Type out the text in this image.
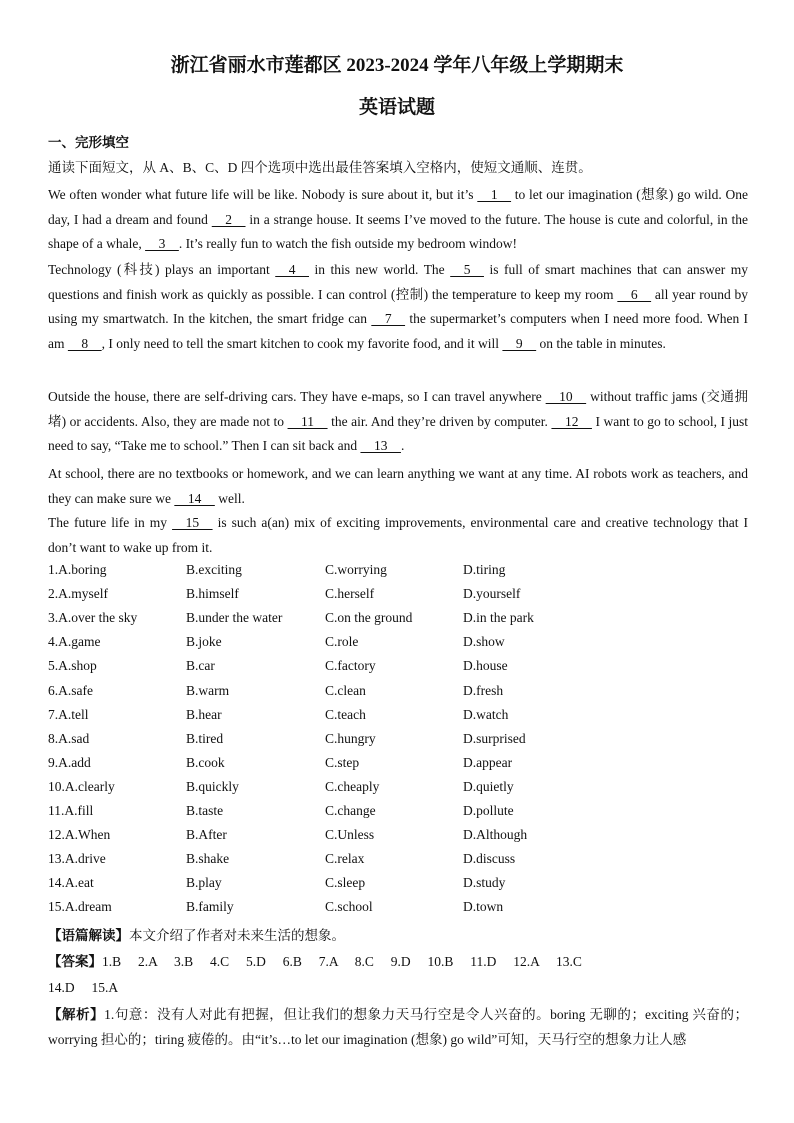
浙江省丽水市莲都区 2023-2024 学年八年级上学期期末
英语试题
一、完形填空
通读下面短文，从 A、B、C、D 四个选项中选出最佳答案填入空格内，使短文通顺、连贯。
We often wonder what future life will be like. Nobody is sure about it, but it’s     1     to let our imagination (想象) go wild. One day, I had a dream and found     2     in a strange house. It seems I’ve moved to the future. The house is cute and colorful, in the shape of a whale,     3    . It’s really fun to watch the fish outside my bedroom window!
Technology (科技) plays an important     4     in this new world. The     5     is full of smart machines that can answer my questions and finish work as quickly as possible. I can control (控制) the temperature to keep my room     6     all year round by using my smartwatch. In the kitchen, the smart fridge can     7     the supermarket’s computers when I need more food. When I am     8    , I only need to tell the smart kitchen to cook my favorite food, and it will     9     on the table in minutes.
Outside the house, there are self-driving cars. They have e-maps, so I can travel anywhere     10     without traffic jams (交通拥堵) or accidents. Also, they are made not to     11     the air. And they’re driven by computer.     12     I want to go to school, I just need to say, “Take me to school.” Then I can sit back and     13    .
At school, there are no textbooks or homework, and we can learn anything we want at any time. AI robots work as teachers, and they can make sure we     14     well.
The future life in my     15     is such a(an) mix of exciting improvements, environmental care and creative technology that I don’t want to wake up from it.
1.A.boring	B.exciting	C.worrying	D.tiring
2.A.myself	B.himself	C.herself	D.yourself
3.A.over the sky	B.under the water	C.on the ground	D.in the park
4.A.game	B.joke	C.role	D.show
5.A.shop	B.car	C.factory	D.house
6.A.safe	B.warm	C.clean	D.fresh
7.A.tell	B.hear	C.teach	D.watch
8.A.sad	B.tired	C.hungry	D.surprised
9.A.add	B.cook	C.step	D.appear
10.A.clearly	B.quickly	C.cheaply	D.quietly
11.A.fill	B.taste	C.change	D.pollute
12.A.When	B.After	C.Unless	D.Although
13.A.drive	B.shake	C.relax	D.discuss
14.A.eat	B.play	C.sleep	D.study
15.A.dream	B.family	C.school	D.town
【语篇解读】本文介绍了作者对未来生活的想象。
【答案】1.B     2.A     3.B     4.C     5.D     6.B     7.A     8.C     9.D     10.B     11.D     12.A     13.C
14.D     15.A
【解析】1.句意：没有人对此有把握，但让我们的想象力天马行空是令人兴奋的。boring 无聊的；exciting 兴奋的；worrying 担心的；tiring 疲倦的。由“it’s…to let our imagination (想象) go wild”可知，天马行空的想象力让人感
